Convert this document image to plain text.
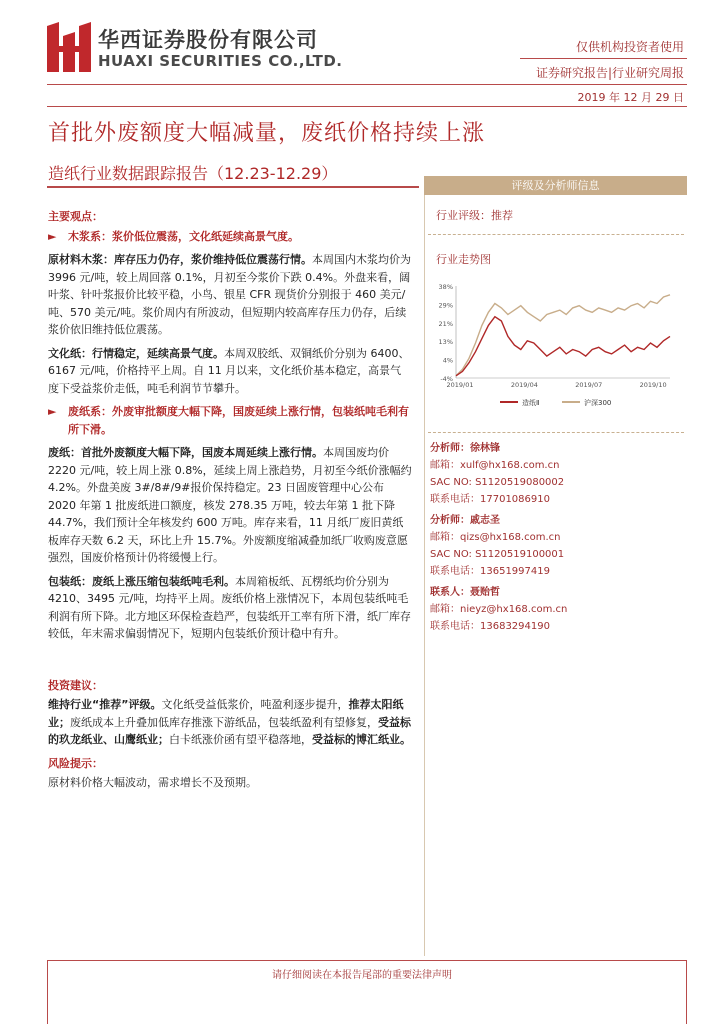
华西证券股份有限公司
HUAXI SECURITIES CO.,LTD.
仅供机构投资者使用
证券研究报告|行业研究周报
2019 年 12 月 29 日
首批外废额度大幅减量，废纸价格持续上涨
造纸行业数据跟踪报告（12.23-12.29）

主要观点：

►	木浆系：浆价低位震荡，文化纸延续高景气度。

原材料木浆：库存压力仍存，浆价维持低位震荡行情。本周国内木浆均价为 3996 元/吨，较上周回落 0.1%，月初至今浆价下跌 0.4%。外盘来看，阔叶浆、针叶浆报价比较平稳，小鸟、银星 CFR 现货价分别报于 460 美元/吨、570 美元/吨。浆价周内有所波动，但短期内较高库存压力仍存，后续浆价依旧维持低位震荡。

文化纸：行情稳定，延续高景气度。本周双胶纸、双铜纸价分别为 6400、6167 元/吨，价格持平上周。自 11 月以来，文化纸价基本稳定，高景气度下受益浆价走低，吨毛利润节节攀升。

►	废纸系：外废审批额度大幅下降，国废延续上涨行情，包装纸吨毛利有所下滑。

废纸：首批外废额度大幅下降，国废本周延续上涨行情。本周国废均价 2220 元/吨，较上周上涨 0.8%，延续上周上涨趋势，月初至今纸价涨幅约 4.2%。外盘美废 3#/8#/9#报价保持稳定。23 日固废管理中心公布 2020 年第 1 批废纸进口额度，核发 278.35 万吨，较去年第 1 批下降 44.7%，我们预计全年核发约 600 万吨。库存来看，11 月纸厂废旧黄纸板库存天数 6.2 天，环比上升 15.7%。外废额度缩减叠加纸厂收购废意愿强烈，国废价格预计仍将缓慢上行。

包装纸：废纸上涨压缩包装纸吨毛利。本周箱板纸、瓦楞纸均价分别为 4210、3495 元/吨，均持平上周。废纸价格上涨情况下，本周包装纸吨毛利润有所下降。北方地区环保检查趋严，包装纸开工率有所下滑，纸厂库存较低，年末需求偏弱情况下，短期内包装纸价预计稳中有升。

投资建议：

维持行业“推荐”评级。文化纸受益低浆价，吨盈利逐步提升，推荐太阳纸业；废纸成本上升叠加低库存推涨下游纸品，包装纸盈利有望修复，受益标的玖龙纸业、山鹰纸业；白卡纸涨价函有望平稳落地，受益标的博汇纸业。

风险提示：

原材料价格大幅波动，需求增长不及预期。

评级及分析师信息
行业评级：推荐
行业走势图
-4%
4%
13%
21%
29%
38%
2019/01	2019/04	2019/07	2019/10
造纸Ⅱ	沪深300
分析师：徐林锋
邮箱：xulf@hx168.com.cn
SAC NO: S1120519080002
联系电话：17701086910
分析师：戚志圣
邮箱：qizs@hx168.com.cn
SAC NO: S1120519100001
联系电话：13651997419
联系人：聂贻哲
邮箱：nieyz@hx168.com.cn
联系电话：13683294190
请仔细阅读在本报告尾部的重要法律声明
